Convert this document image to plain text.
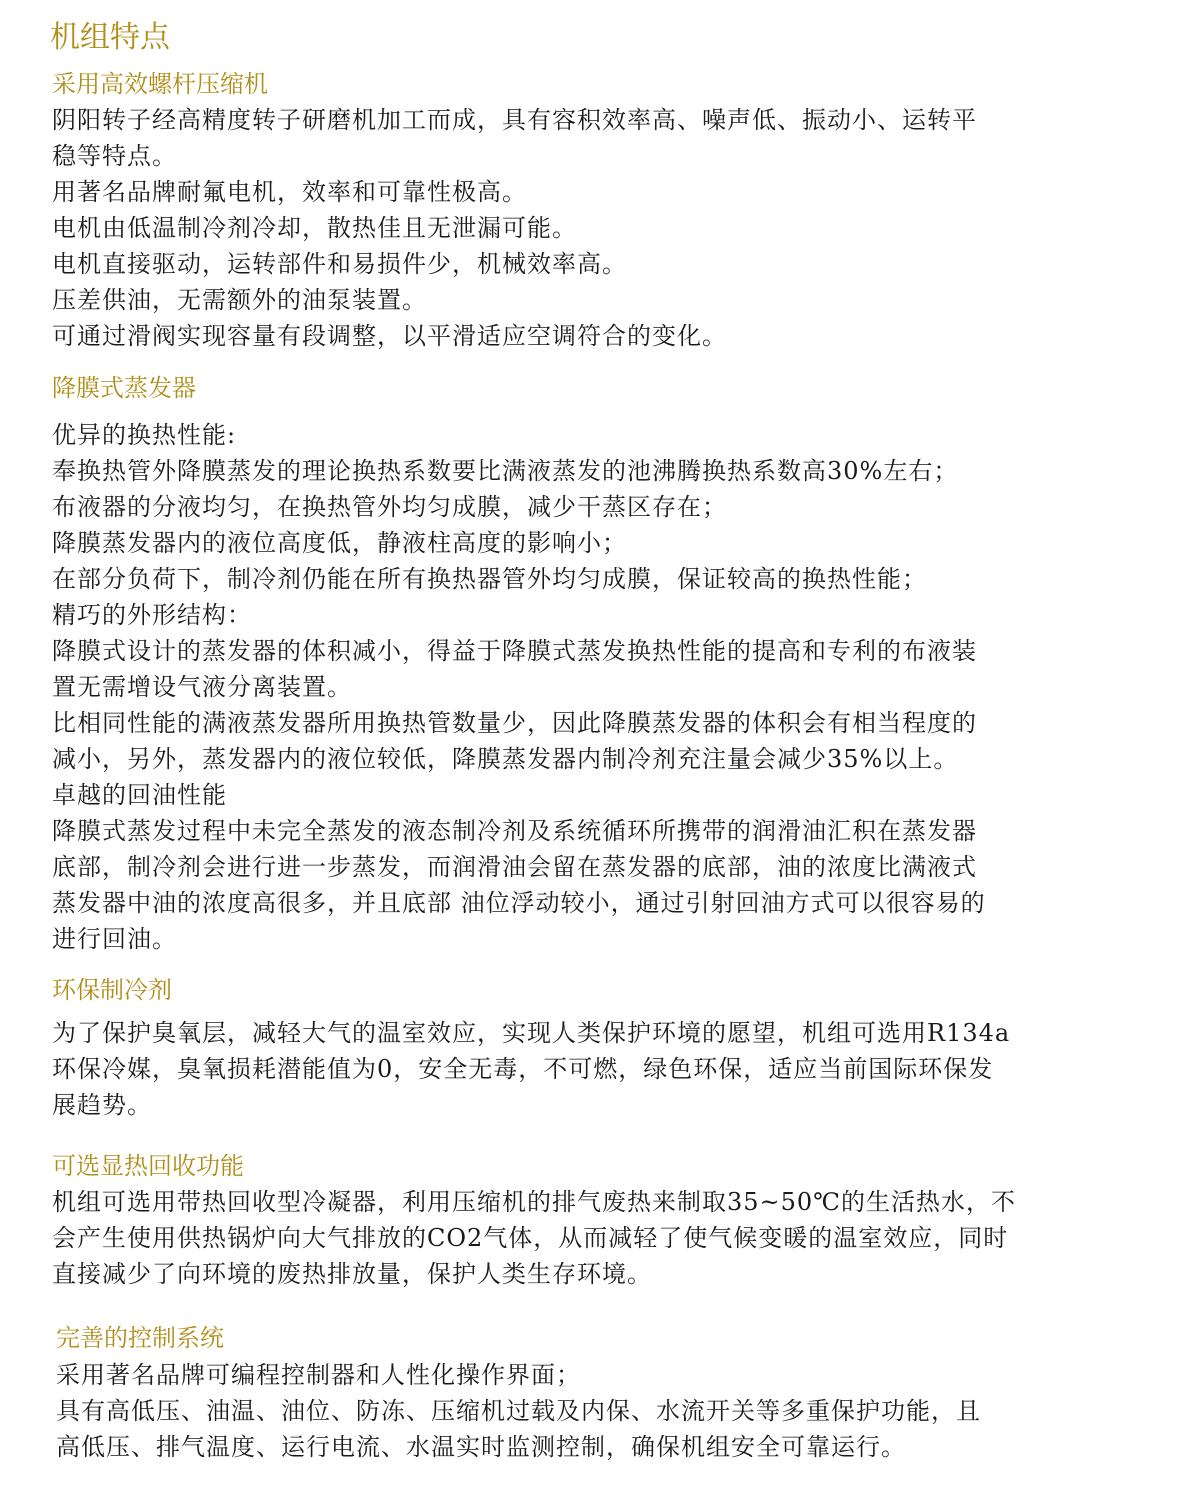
机组特点
采用高效螺杆压缩机
阴阳转子经高精度转子研磨机加工而成，具有容积效率高、噪声低、振动小、运转平
稳等特点。
用著名品牌耐氟电机，效率和可靠性极高。
电机由低温制冷剂冷却，散热佳且无泄漏可能。
电机直接驱动，运转部件和易损件少，机械效率高。
压差供油，无需额外的油泵装置。
可通过滑阀实现容量有段调整，以平滑适应空调符合的变化。
降膜式蒸发器
优异的换热性能:
奉换热管外降膜蒸发的理论换热系数要比满液蒸发的池沸腾换热系数高30%左右；
布液器的分液均匀，在换热管外均匀成膜，减少干蒸区存在；
降膜蒸发器内的液位高度低，静液柱高度的影响小；
在部分负荷下，制冷剂仍能在所有换热器管外均匀成膜，保证较高的换热性能；
精巧的外形结构：
降膜式设计的蒸发器的体积减小，得益于降膜式蒸发换热性能的提高和专利的布液装
置无需增设气液分离装置。
比相同性能的满液蒸发器所用换热管数量少，因此降膜蒸发器的体积会有相当程度的
减小，另外，蒸发器内的液位较低，降膜蒸发器内制冷剂充注量会减少35%以上。
卓越的回油性能
降膜式蒸发过程中未完全蒸发的液态制冷剂及系统循环所携带的润滑油汇积在蒸发器
底部，制冷剂会进行进一步蒸发，而润滑油会留在蒸发器的底部，油的浓度比满液式
蒸发器中油的浓度高很多，并且底部 油位浮动较小，通过引射回油方式可以很容易的
进行回油。
环保制冷剂
为了保护臭氧层，减轻大气的温室效应，实现人类保护环境的愿望，机组可选用R134a
环保冷媒，臭氧损耗潜能值为0，安全无毒，不可燃，绿色环保，适应当前国际环保发
展趋势。
可选显热回收功能
机组可选用带热回收型冷凝器，利用压缩机的排气废热来制取35~50℃的生活热水，不
会产生使用供热锅炉向大气排放的CO2气体，从而减轻了使气候变暖的温室效应，同时
直接减少了向环境的废热排放量，保护人类生存环境。
完善的控制系统
采用著名品牌可编程控制器和人性化操作界面；
具有高低压、油温、油位、防冻、压缩机过载及内保、水流开关等多重保护功能，且
高低压、排气温度、运行电流、水温实时监测控制，确保机组安全可靠运行。
